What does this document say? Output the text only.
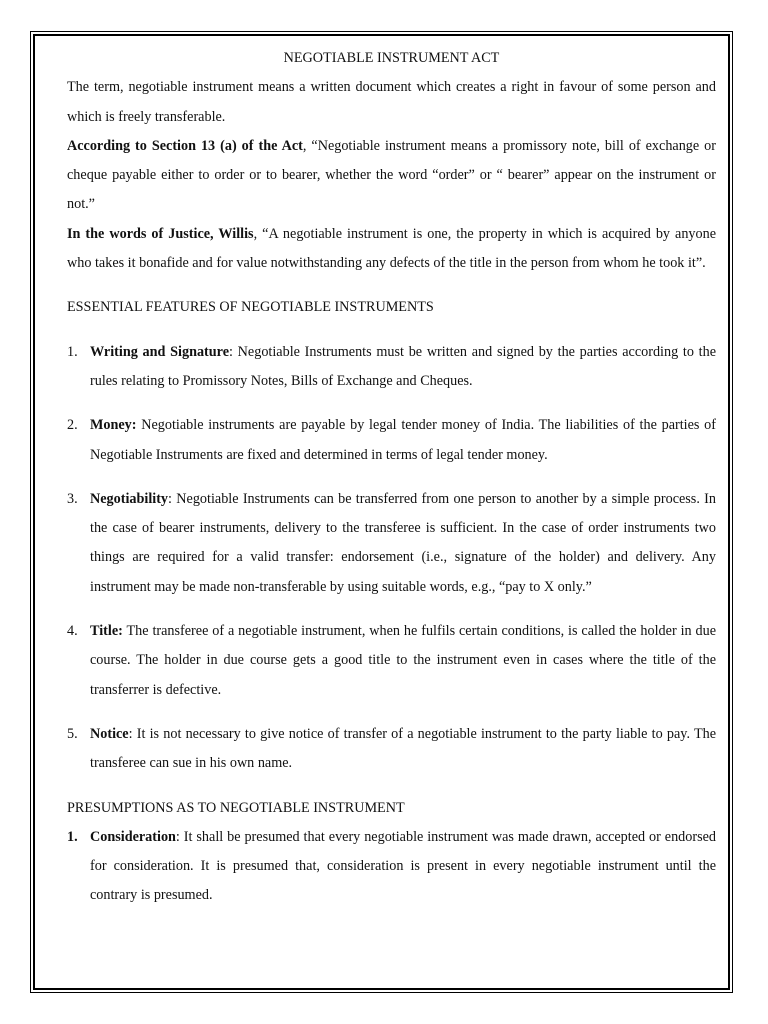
NEGOTIABLE INSTRUMENT ACT

The term, negotiable instrument means a written document which creates a right in favour of some person and which is freely transferable.

According to Section 13 (a) of the Act, “Negotiable instrument means a promissory note, bill of exchange or cheque payable either to order or to bearer, whether the word “order” or “ bearer” appear on the instrument or not.”

In the words of Justice, Willis, “A negotiable instrument is one, the property in which is acquired by anyone who takes it bonafide and for value notwithstanding any defects of the title in the person from whom he took it”.

ESSENTIAL FEATURES OF NEGOTIABLE INSTRUMENTS
1. Writing and Signature: Negotiable Instruments must be written and signed by the parties according to the rules relating to Promissory Notes, Bills of Exchange and Cheques.
2. Money: Negotiable instruments are payable by legal tender money of India. The liabilities of the parties of Negotiable Instruments are fixed and determined in terms of legal tender money.
3. Negotiability: Negotiable Instruments can be transferred from one person to another by a simple process. In the case of bearer instruments, delivery to the transferee is sufficient. In the case of order instruments two things are required for a valid transfer: endorsement (i.e., signature of the holder) and delivery. Any instrument may be made non-transferable by using suitable words, e.g., “pay to X only.”
4. Title: The transferee of a negotiable instrument, when he fulfils certain conditions, is called the holder in due course. The holder in due course gets a good title to the instrument even in cases where the title of the transferrer is defective.
5. Notice: It is not necessary to give notice of transfer of a negotiable instrument to the party liable to pay. The transferee can sue in his own name.
PRESUMPTIONS AS TO NEGOTIABLE INSTRUMENT
1. Consideration: It shall be presumed that every negotiable instrument was made drawn, accepted or endorsed for consideration. It is presumed that, consideration is present in every negotiable instrument until the contrary is presumed.
